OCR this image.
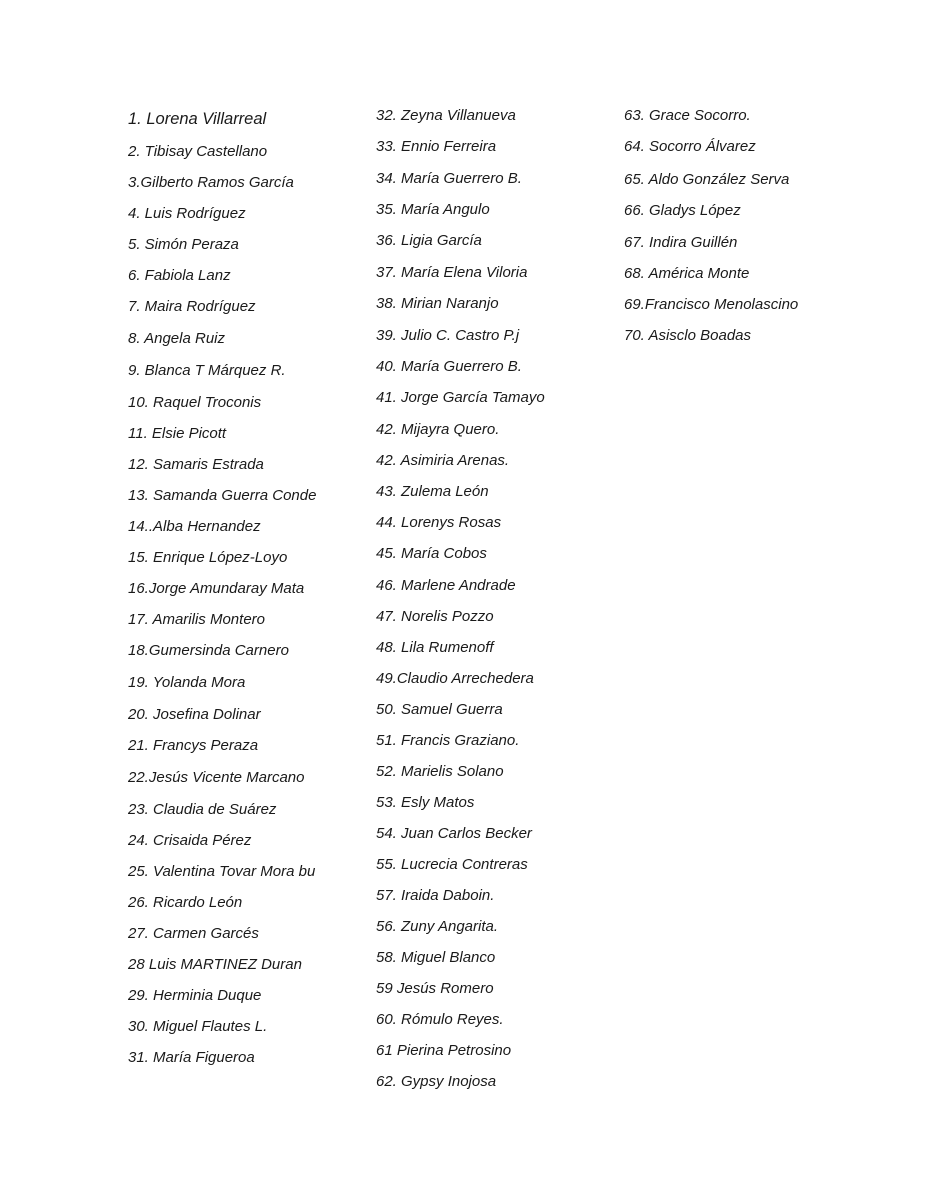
1. Lorena Villarreal
2. Tibisay Castellano
3.Gilberto Ramos García
4. Luis Rodríguez
5. Simón Peraza
6. Fabiola Lanz
7. Maira Rodríguez
8. Angela Ruiz
9. Blanca T Márquez R.
10. Raquel Troconis
11. Elsie Picott
12. Samaris Estrada
13. Samanda Guerra Conde
14..Alba Hernandez
15. Enrique López-Loyo
16.Jorge Amundaray Mata
17. Amarilis Montero
18.Gumersinda Carnero
19. Yolanda Mora
20. Josefina Dolinar
21. Francys Peraza
22.Jesús Vicente Marcano
23. Claudia de Suárez
24. Crisaida Pérez
25. Valentina Tovar Mora bu
26. Ricardo León
27. Carmen Garcés
28 Luis MARTINEZ Duran
29. Herminia Duque
30. Miguel Flautes L.
31. María Figueroa
32. Zeyna Villanueva
33. Ennio Ferreira
34. María Guerrero B.
35. María Angulo
36. Ligia García
37. María Elena Viloria
38. Mirian Naranjo
39. Julio C. Castro P.j
40. María Guerrero B.
41. Jorge García Tamayo
42. Mijayra Quero.
42. Asimiria Arenas.
43. Zulema León
44. Lorenys Rosas
45. María Cobos
46. Marlene Andrade
47. Norelis Pozzo
48. Lila Rumenoff
49.Claudio Arrechedera
50. Samuel Guerra
51. Francis Graziano.
52. Marielis Solano
53. Esly Matos
54. Juan Carlos Becker
55. Lucrecia Contreras
57. Iraida Daboin.
56. Zuny Angarita.
58. Miguel Blanco
59 Jesús Romero
60. Rómulo Reyes.
61 Pierina Petrosino
62. Gypsy Inojosa
63. Grace Socorro.
64. Socorro Álvarez
65. Aldo González Serva
66. Gladys López
67. Indira Guillén
68. América Monte
69.Francisco Menolascino
70. Asisclo Boadas
